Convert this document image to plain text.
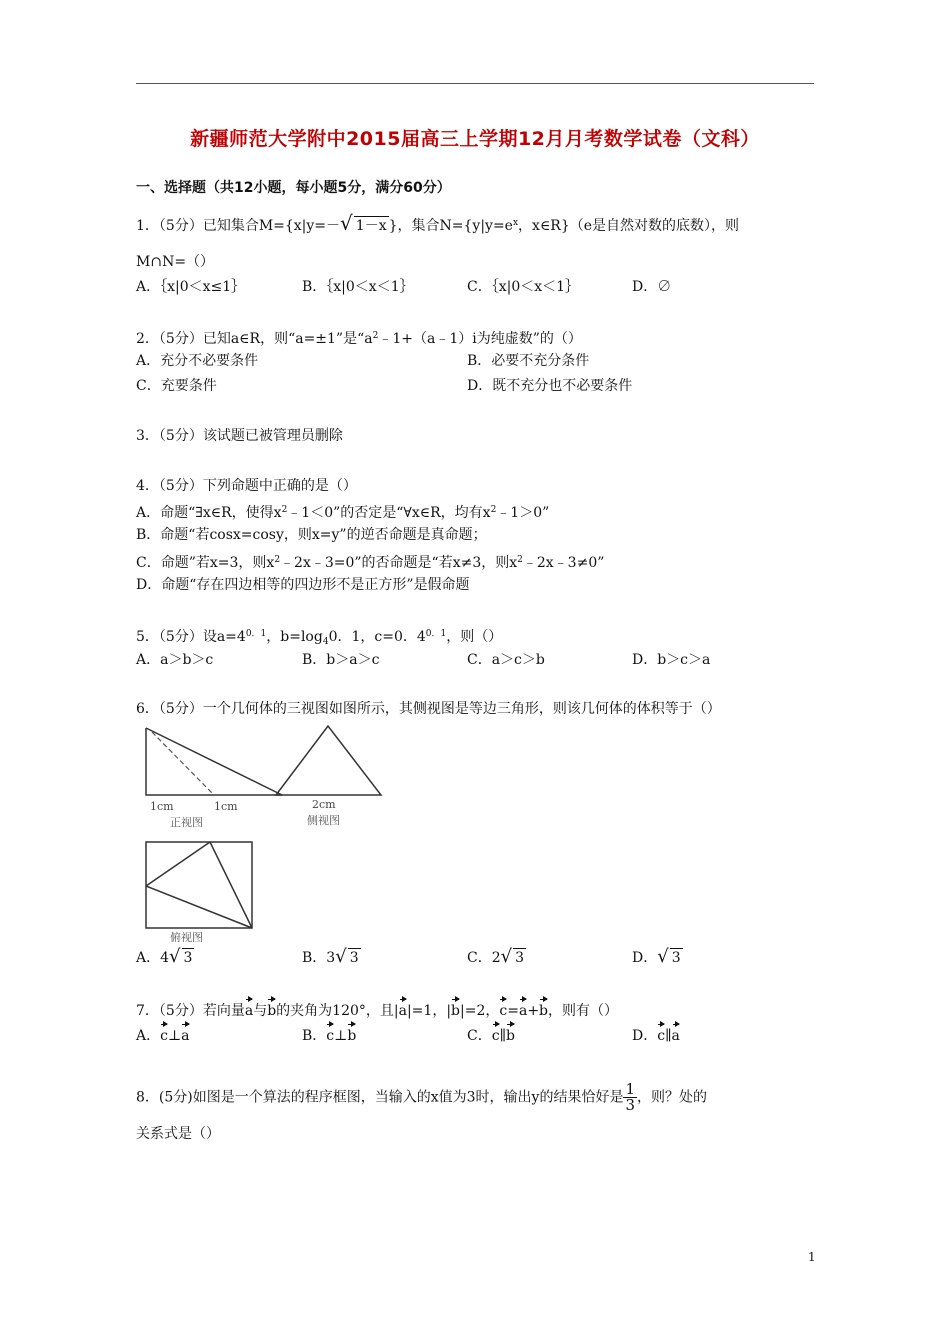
新疆师范大学附中2015届高三上学期12月月考数学试卷（文科）
一、选择题（共12小题，每小题5分，满分60分）
1．（5分）已知集合M={x|y=－√ 1－x }，集合$N=\{y|y=e^x$，x∈R}（e是自然对数的底数），则
M∩N=（）
A．｛x|0＜x≤1｝	B．｛x|0＜x＜1｝	C．｛x|0＜x＜1｝	D．∅
2．（5分）已知a∈R，则“a=±1”是“$a^2﹣1+(a﹣1)i$为纯虚数”的（）
A．充分不必要条件	B．必要不充分条件
C．充要条件	D．既不充分也不必要条件
3．（5分）该试题已被管理员删除
4．（5分）下列命题中正确的是（）
A．命题“∃x∈R，使得$x^2﹣1<0$”的否定是“∀x∈R，均有$x^2﹣1>0$”
B．命题“若cosx=cosy，则x=y”的逆否命题是真命题；
C．命题”若x=3，则$x^2﹣2x﹣3=0$”的否命题是“若x≠3，则$x^2﹣2x﹣3\ne 0$”
D．命题“存在四边相等的四边形不是正方形”是假命题
5．（5分）设$a=4^{0.1}$，$b=\log_40$．1，c=0．$4^{0.1}$，则（）
A．a＞b＞c	B．b＞a＞c	C．a＞c＞b	D．b＞c＞a
6．（5分）一个几何体的三视图如图所示，其侧视图是等边三角形，则该几何体的体积等于（）
1cm	1cm
正视图
2cm
侧视图
俯视图
A．4√ 3	B．3√ 3	C．2√ 3	D．√ 3
7．（5分）若向量a与b的夹角为120°，且|a|=1，|b|=2，c=a+b，则有（）
A．c⊥a	B．c⊥b	C．c∥b	D．c∥a
8．(5分)如图是一个算法的程序框图，当输入的x值为3时，输出y的结果恰好是 $\frac{1}{3}$ ，则？处的
关系式是（）
1
